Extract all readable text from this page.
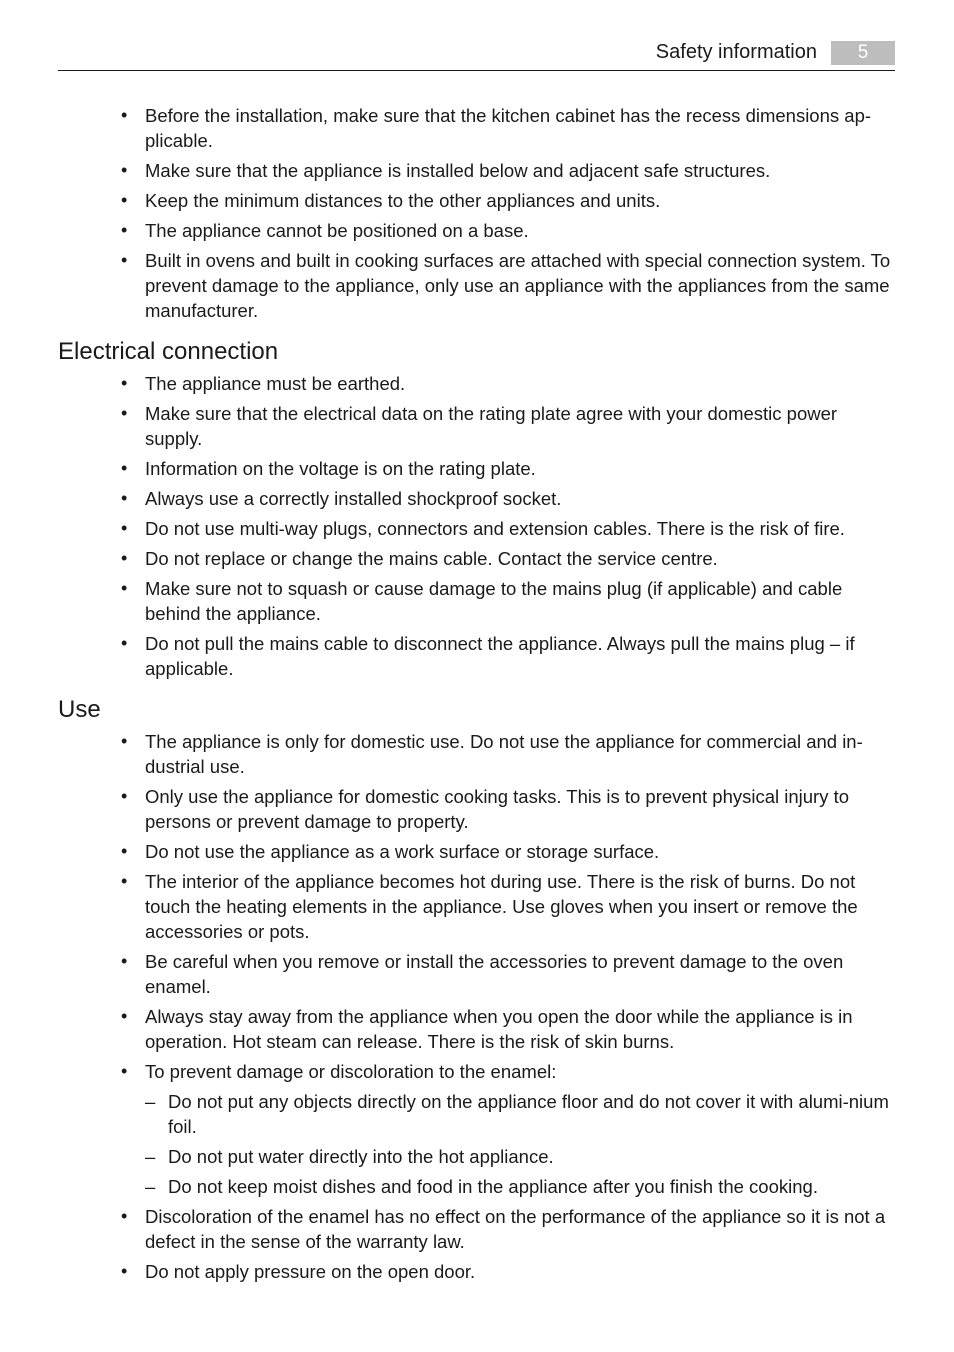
Safety information	5
• Before the installation, make sure that the kitchen cabinet has the recess dimensions ap-plicable.
• Make sure that the appliance is installed below and adjacent safe structures.
• Keep the minimum distances to the other appliances and units.
• The appliance cannot be positioned on a base.
• Built in ovens and built in cooking surfaces are attached with special connection system. To prevent damage to the appliance, only use an appliance with the appliances from the same manufacturer.
Electrical connection
• The appliance must be earthed.
• Make sure that the electrical data on the rating plate agree with your domestic power supply.
• Information on the voltage is on the rating plate.
• Always use a correctly installed shockproof socket.
• Do not use multi-way plugs, connectors and extension cables. There is the risk of fire.
• Do not replace or change the mains cable. Contact the service centre.
• Make sure not to squash or cause damage to the mains plug (if applicable) and cable behind the appliance.
• Do not pull the mains cable to disconnect the appliance. Always pull the mains plug – if applicable.
Use
• The appliance is only for domestic use. Do not use the appliance for commercial and in-dustrial use.
• Only use the appliance for domestic cooking tasks. This is to prevent physical injury to persons or prevent damage to property.
• Do not use the appliance as a work surface or storage surface.
• The interior of the appliance becomes hot during use. There is the risk of burns. Do not touch the heating elements in the appliance. Use gloves when you insert or remove the accessories or pots.
• Be careful when you remove or install the accessories to prevent damage to the oven enamel.
• Always stay away from the appliance when you open the door while the appliance is in operation. Hot steam can release. There is the risk of skin burns.
• To prevent damage or discoloration to the enamel:
– Do not put any objects directly on the appliance floor and do not cover it with alumi-nium foil.
– Do not put water directly into the hot appliance.
– Do not keep moist dishes and food in the appliance after you finish the cooking.
• Discoloration of the enamel has no effect on the performance of the appliance so it is not a defect in the sense of the warranty law.
• Do not apply pressure on the open door.
